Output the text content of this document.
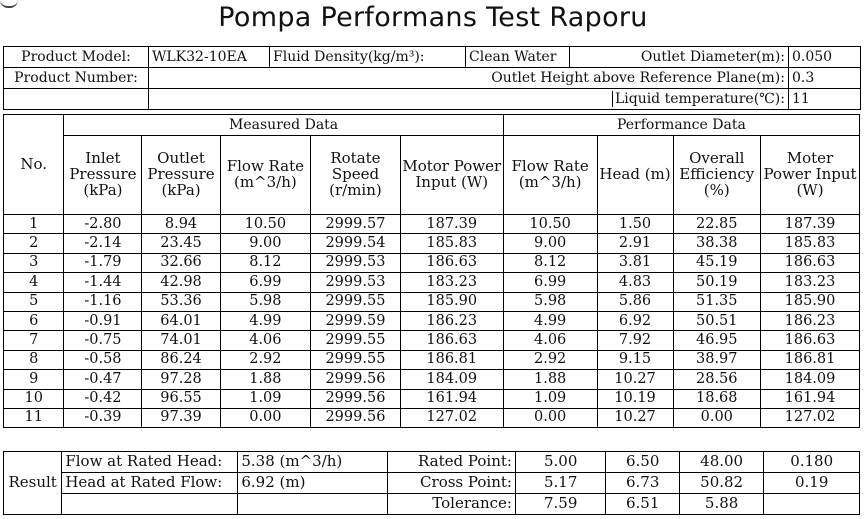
Pompa Performans Test Raporu
Product Model:	WLK32-10EA	Fluid Density(kg/m³):	Clean Water	Outlet Diameter(m):	0.050
Product Number:	Outlet Height above Reference Plane(m):				0.3
				Liquid temperature(℃):	11
No.	Measured Data					Performance Data			
	Inlet Pressure (kPa)	Outlet Pressure (kPa)	Flow Rate (m^3/h)	Rotate Speed (r/min)	Motor Power Input (W)	Flow Rate (m^3/h)	Head (m)	Overall Efficiency (%)	Moter Power Input (W)
1	-2.80	8.94	10.50	2999.57	187.39	10.50	1.50	22.85	187.39
2	-2.14	23.45	9.00	2999.54	185.83	9.00	2.91	38.38	185.83
3	-1.79	32.66	8.12	2999.53	186.63	8.12	3.81	45.19	186.63
4	-1.44	42.98	6.99	2999.53	183.23	6.99	4.83	50.19	183.23
5	-1.16	53.36	5.98	2999.55	185.90	5.98	5.86	51.35	185.90
6	-0.91	64.01	4.99	2999.59	186.23	4.99	6.92	50.51	186.23
7	-0.75	74.01	4.06	2999.55	186.63	4.06	7.92	46.95	186.63
8	-0.58	86.24	2.92	2999.55	186.81	2.92	9.15	38.97	186.81
9	-0.47	97.28	1.88	2999.56	184.09	1.88	10.27	28.56	184.09
10	-0.42	96.55	1.09	2999.56	161.94	1.09	10.19	18.68	161.94
11	-0.39	97.39	0.00	2999.56	127.02	0.00	10.27	0.00	127.02
Result	Flow at Rated Head:	5.38 (m^3/h)	Rated Point:	5.00	6.50	48.00	0.180
	Head at Rated Flow:	6.92 (m)	Cross Point:	5.17	6.73	50.82	0.19
			Tolerance:	7.59	6.51	5.88	
